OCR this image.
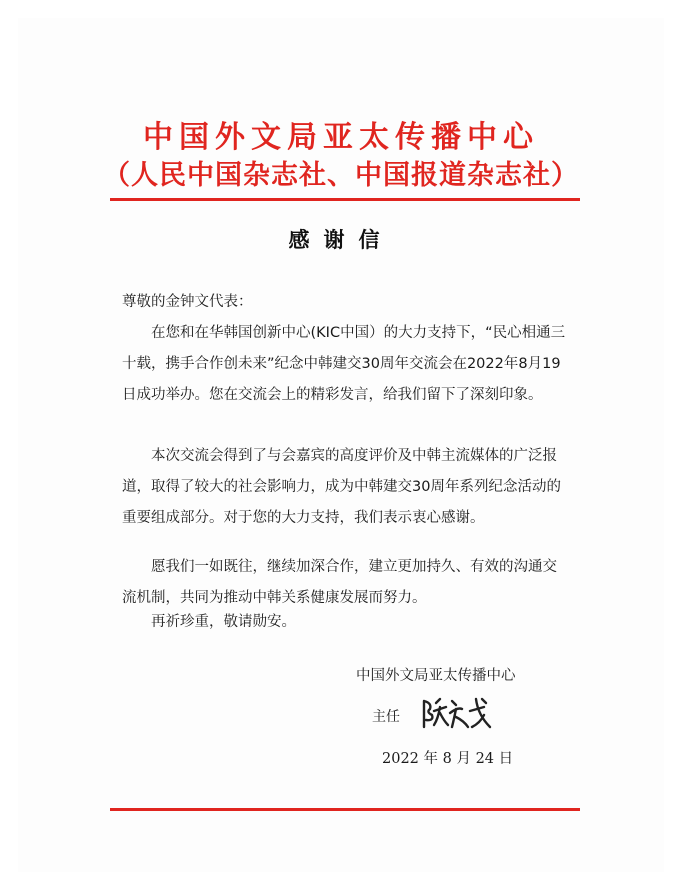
中国外文局亚太传播中心
（人民中国杂志社、中国报道杂志社）
感谢信
尊敬的金钟文代表：

在您和在华韩国创新中心(KIC中国）的大力支持下，“民心相通三十载，携手合作创未来”纪念中韩建交30周年交流会在2022年8月19日成功举办。您在交流会上的精彩发言，给我们留下了深刻印象。

本次交流会得到了与会嘉宾的高度评价及中韩主流媒体的广泛报道，取得了较大的社会影响力，成为中韩建交30周年系列纪念活动的重要组成部分。对于您的大力支持，我们表示衷心感谢。

愿我们一如既往，继续加深合作，建立更加持久、有效的沟通交流机制，共同为推动中韩关系健康发展而努力。

再祈珍重，敬请勋安。

中国外文局亚太传播中心
主任
2022 年 8 月 24 日
